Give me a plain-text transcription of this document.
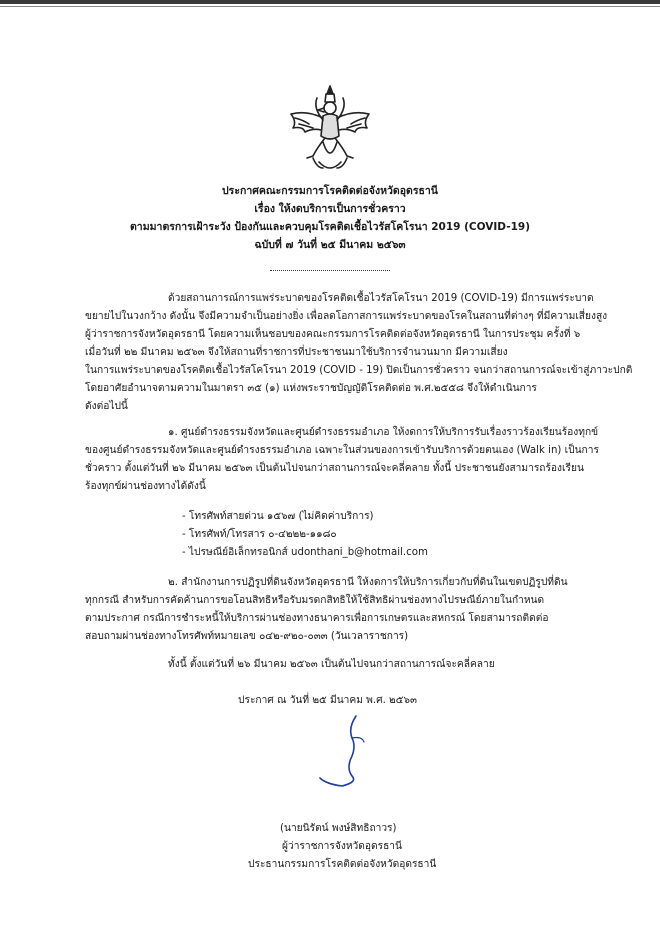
ประกาศคณะกรรมการโรคติดต่อจังหวัดอุดรธานี
เรื่อง ให้งดบริการเป็นการชั่วคราว
ตามมาตรการเฝ้าระวัง ป้องกันและควบคุมโรคติดเชื้อไวรัสโคโรนา 2019 (COVID-19)
ฉบับที่ ๗ วันที่ ๒๕ มีนาคม ๒๕๖๓
ด้วยสถานการณ์การแพร่ระบาดของโรคติดเชื้อไวรัสโคโรนา 2019 (COVID-19) มีการแพร่ระบาด
ขยายไปในวงกว้าง ดังนั้น จึงมีความจำเป็นอย่างยิ่ง เพื่อลดโอกาสการแพร่ระบาดของโรคในสถานที่ต่างๆ ที่มีความเสี่ยงสูง
ผู้ว่าราชการจังหวัดอุดรธานี โดยความเห็นชอบของคณะกรรมการโรคติดต่อจังหวัดอุดรธานี ในการประชุม ครั้งที่ ๖
เมื่อวันที่ ๒๒ มีนาคม ๒๕๖๓ จึงให้สถานที่ราชการที่ประชาชนมาใช้บริการจำนวนมาก มีความเสี่ยง
ในการแพร่ระบาดของโรคติดเชื้อไวรัสโคโรนา 2019 (COVID - 19) ปิดเป็นการชั่วคราว จนกว่าสถานการณ์จะเข้าสู่ภาวะปกติ
โดยอาศัยอำนาจตามความในมาตรา ๓๕ (๑) แห่งพระราชบัญญัติโรคติดต่อ พ.ศ.๒๕๕๘ จึงให้ดำเนินการ
ดังต่อไปนี้
๑. ศูนย์ดำรงธรรมจังหวัดและศูนย์ดำรงธรรมอำเภอ ให้งดการให้บริการรับเรื่องราวร้องเรียนร้องทุกข์
ของศูนย์ดำรงธรรมจังหวัดและศูนย์ดำรงธรรมอำเภอ เฉพาะในส่วนของการเข้ารับบริการด้วยตนเอง (Walk in) เป็นการ
ชั่วคราว ตั้งแต่วันที่ ๒๖ มีนาคม ๒๕๖๓ เป็นต้นไปจนกว่าสถานการณ์จะคลี่คลาย ทั้งนี้ ประชาชนยังสามารถร้องเรียน
ร้องทุกข์ผ่านช่องทางได้ดังนี้
- โทรศัพท์สายด่วน ๑๕๖๗ (ไม่คิดค่าบริการ)
- โทรศัพท์/โทรสาร ๐-๔๒๒๒-๑๑๘๐
- ไปรษณีย์อิเล็กทรอนิกส์ udonthani_b@hotmail.com
๒. สำนักงานการปฏิรูปที่ดินจังหวัดอุดรธานี ให้งดการให้บริการเกี่ยวกับที่ดินในเขตปฏิรูปที่ดิน
ทุกกรณี สำหรับการคัดค้านการขอโอนสิทธิหรือรับมรดกสิทธิให้ใช้สิทธิผ่านช่องทางไปรษณีย์ภายในกำหนด
ตามประกาศ กรณีการชำระหนี้ให้บริการผ่านช่องทางธนาคารเพื่อการเกษตรและสหกรณ์ โดยสามารถติดต่อ
สอบถามผ่านช่องทางโทรศัพท์หมายเลข ๐๔๒-๙๒๐-๐๓๓ (วันเวลาราชการ)
ทั้งนี้ ตั้งแต่วันที่ ๒๖ มีนาคม ๒๕๖๓ เป็นต้นไปจนกว่าสถานการณ์จะคลี่คลาย
ประกาศ ณ วันที่ ๒๕ มีนาคม พ.ศ. ๒๕๖๓
(นายนิรัตน์ พงษ์สิทธิถาวร)
ผู้ว่าราชการจังหวัดอุดรธานี
ประธานกรรมการโรคติดต่อจังหวัดอุดรธานี
